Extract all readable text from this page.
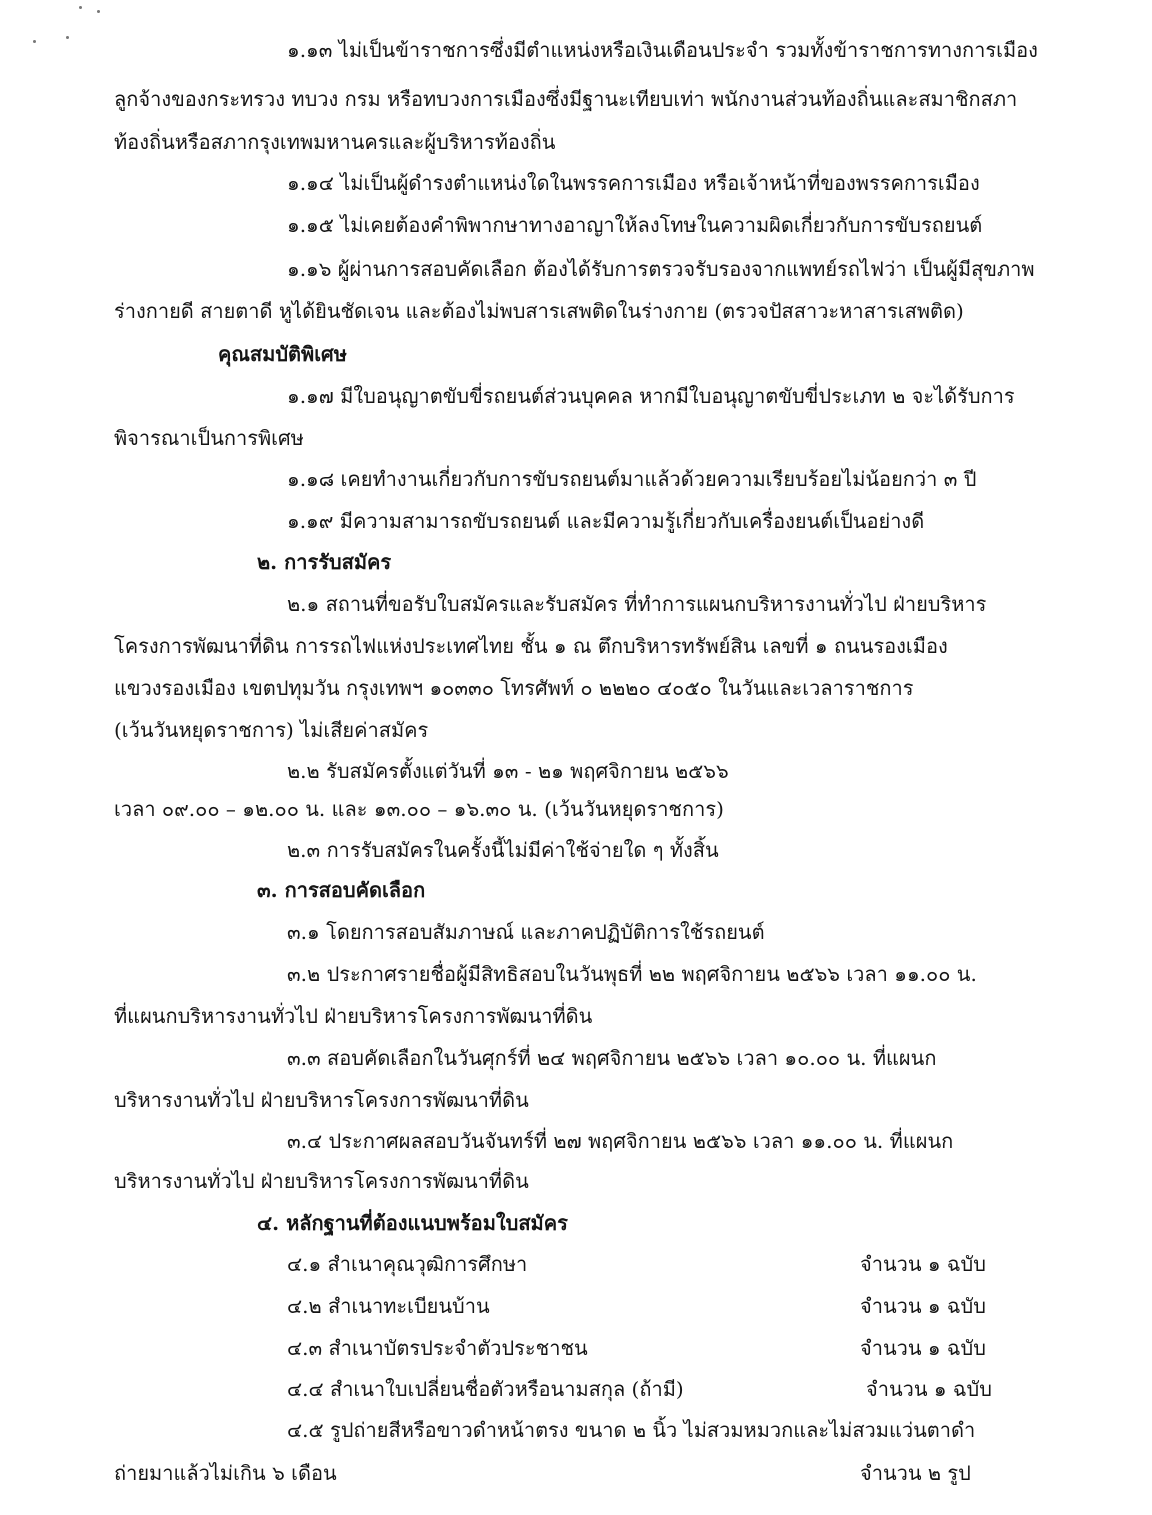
๑.๑๓ ไม่เป็นข้าราชการซึ่งมีตำแหน่งหรือเงินเดือนประจำ รวมทั้งข้าราชการทางการเมือง

ลูกจ้างของกระทรวง ทบวง กรม หรือทบวงการเมืองซึ่งมีฐานะเทียบเท่า พนักงานส่วนท้องถิ่นและสมาชิกสภา

ท้องถิ่นหรือสภากรุงเทพมหานครและผู้บริหารท้องถิ่น

๑.๑๔ ไม่เป็นผู้ดำรงตำแหน่งใดในพรรคการเมือง หรือเจ้าหน้าที่ของพรรคการเมือง

๑.๑๕ ไม่เคยต้องคำพิพากษาทางอาญาให้ลงโทษในความผิดเกี่ยวกับการขับรถยนต์

๑.๑๖ ผู้ผ่านการสอบคัดเลือก ต้องได้รับการตรวจรับรองจากแพทย์รถไฟว่า เป็นผู้มีสุขภาพ

ร่างกายดี สายตาดี หูได้ยินชัดเจน และต้องไม่พบสารเสพติดในร่างกาย (ตรวจปัสสาวะหาสารเสพติด)

คุณสมบัติพิเศษ

๑.๑๗ มีใบอนุญาตขับขี่รถยนต์ส่วนบุคคล หากมีใบอนุญาตขับขี่ประเภท ๒ จะได้รับการ

พิจารณาเป็นการพิเศษ

๑.๑๘ เคยทำงานเกี่ยวกับการขับรถยนต์มาแล้วด้วยความเรียบร้อยไม่น้อยกว่า ๓ ปี

๑.๑๙ มีความสามารถขับรถยนต์ และมีความรู้เกี่ยวกับเครื่องยนต์เป็นอย่างดี

๒. การรับสมัคร

๒.๑ สถานที่ขอรับใบสมัครและรับสมัคร ที่ทำการแผนกบริหารงานทั่วไป ฝ่ายบริหาร

โครงการพัฒนาที่ดิน การรถไฟแห่งประเทศไทย ชั้น ๑ ณ ตึกบริหารทรัพย์สิน เลขที่ ๑ ถนนรองเมือง

แขวงรองเมือง เขตปทุมวัน กรุงเทพฯ ๑๐๓๓๐ โทรศัพท์ ๐ ๒๒๒๐ ๔๐๕๐ ในวันและเวลาราชการ

(เว้นวันหยุดราชการ) ไม่เสียค่าสมัคร

๒.๒ รับสมัครตั้งแต่วันที่ ๑๓ - ๒๑ พฤศจิกายน ๒๕๖๖

เวลา ๐๙.๐๐ – ๑๒.๐๐ น. และ ๑๓.๐๐ – ๑๖.๓๐ น. (เว้นวันหยุดราชการ)

๒.๓ การรับสมัครในครั้งนี้ไม่มีค่าใช้จ่ายใด ๆ ทั้งสิ้น

๓. การสอบคัดเลือก

๓.๑ โดยการสอบสัมภาษณ์ และภาคปฏิบัติการใช้รถยนต์

๓.๒ ประกาศรายชื่อผู้มีสิทธิสอบในวันพุธที่ ๒๒ พฤศจิกายน ๒๕๖๖ เวลา ๑๑.๐๐ น.

ที่แผนกบริหารงานทั่วไป ฝ่ายบริหารโครงการพัฒนาที่ดิน

๓.๓ สอบคัดเลือกในวันศุกร์ที่ ๒๔ พฤศจิกายน ๒๕๖๖ เวลา ๑๐.๐๐ น. ที่แผนก

บริหารงานทั่วไป ฝ่ายบริหารโครงการพัฒนาที่ดิน

๓.๔ ประกาศผลสอบวันจันทร์ที่ ๒๗ พฤศจิกายน ๒๕๖๖ เวลา ๑๑.๐๐ น. ที่แผนก

บริหารงานทั่วไป ฝ่ายบริหารโครงการพัฒนาที่ดิน

๔. หลักฐานที่ต้องแนบพร้อมใบสมัคร

๔.๑ สำเนาคุณวุฒิการศึกษา	จำนวน ๑ ฉบับ

๔.๒ สำเนาทะเบียนบ้าน	จำนวน ๑ ฉบับ

๔.๓ สำเนาบัตรประจำตัวประชาชน	จำนวน ๑ ฉบับ

๔.๔ สำเนาใบเปลี่ยนชื่อตัวหรือนามสกุล (ถ้ามี)	จำนวน ๑ ฉบับ

๔.๕ รูปถ่ายสีหรือขาวดำหน้าตรง ขนาด ๒ นิ้ว ไม่สวมหมวกและไม่สวมแว่นตาดำ

ถ่ายมาแล้วไม่เกิน ๖ เดือน	จำนวน ๒ รูป
